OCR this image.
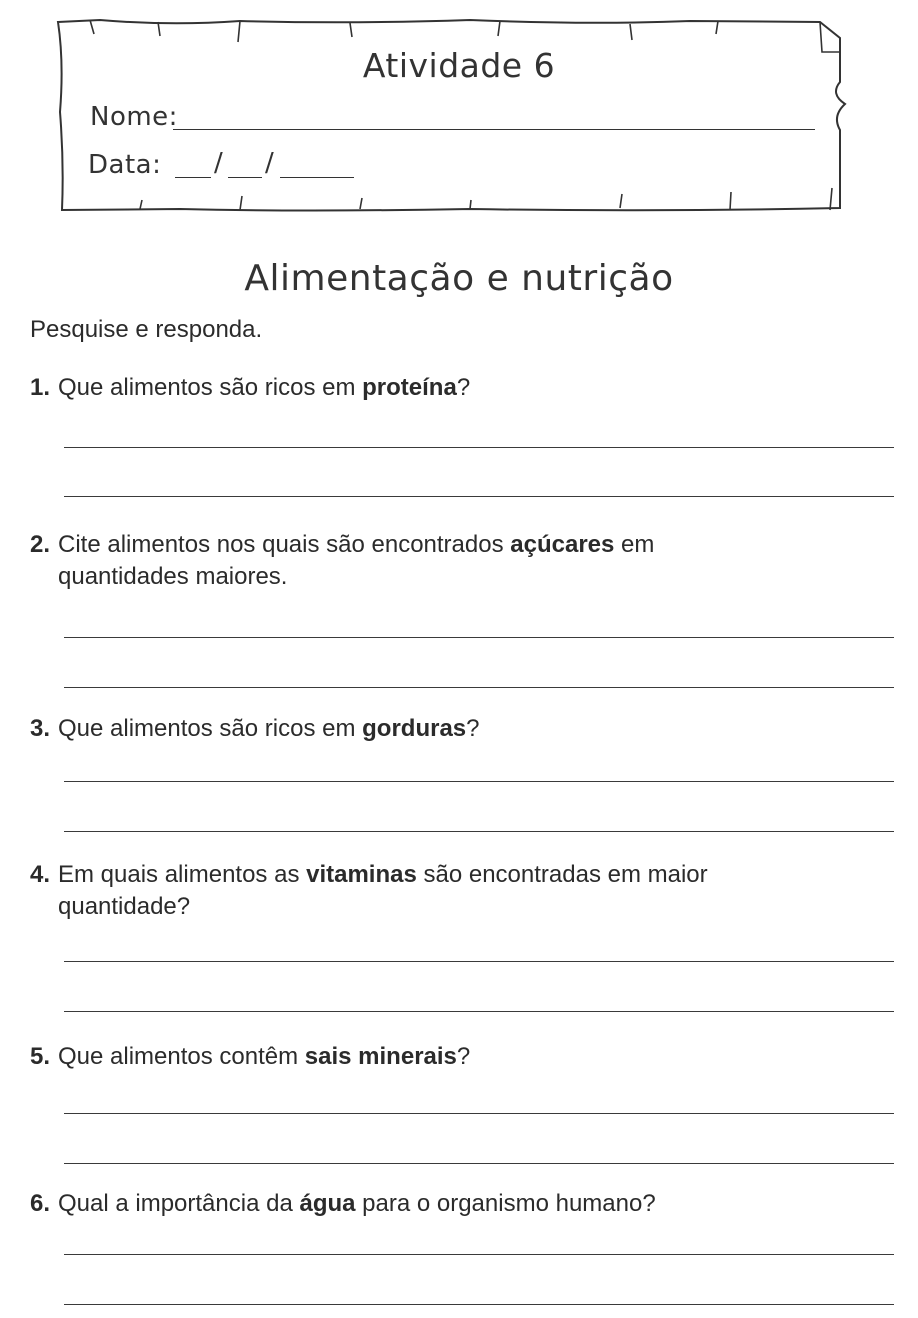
Atividade 6
Nome:
Data: / /
Alimentação e nutrição
Pesquise e responda.
1. Que alimentos são ricos em proteína?
2. Cite alimentos nos quais são encontrados açúcares em
quantidades maiores.
3. Que alimentos são ricos em gorduras?
4. Em quais alimentos as vitaminas são encontradas em maior
quantidade?
5. Que alimentos contêm sais minerais?
6. Qual a importância da água para o organismo humano?
